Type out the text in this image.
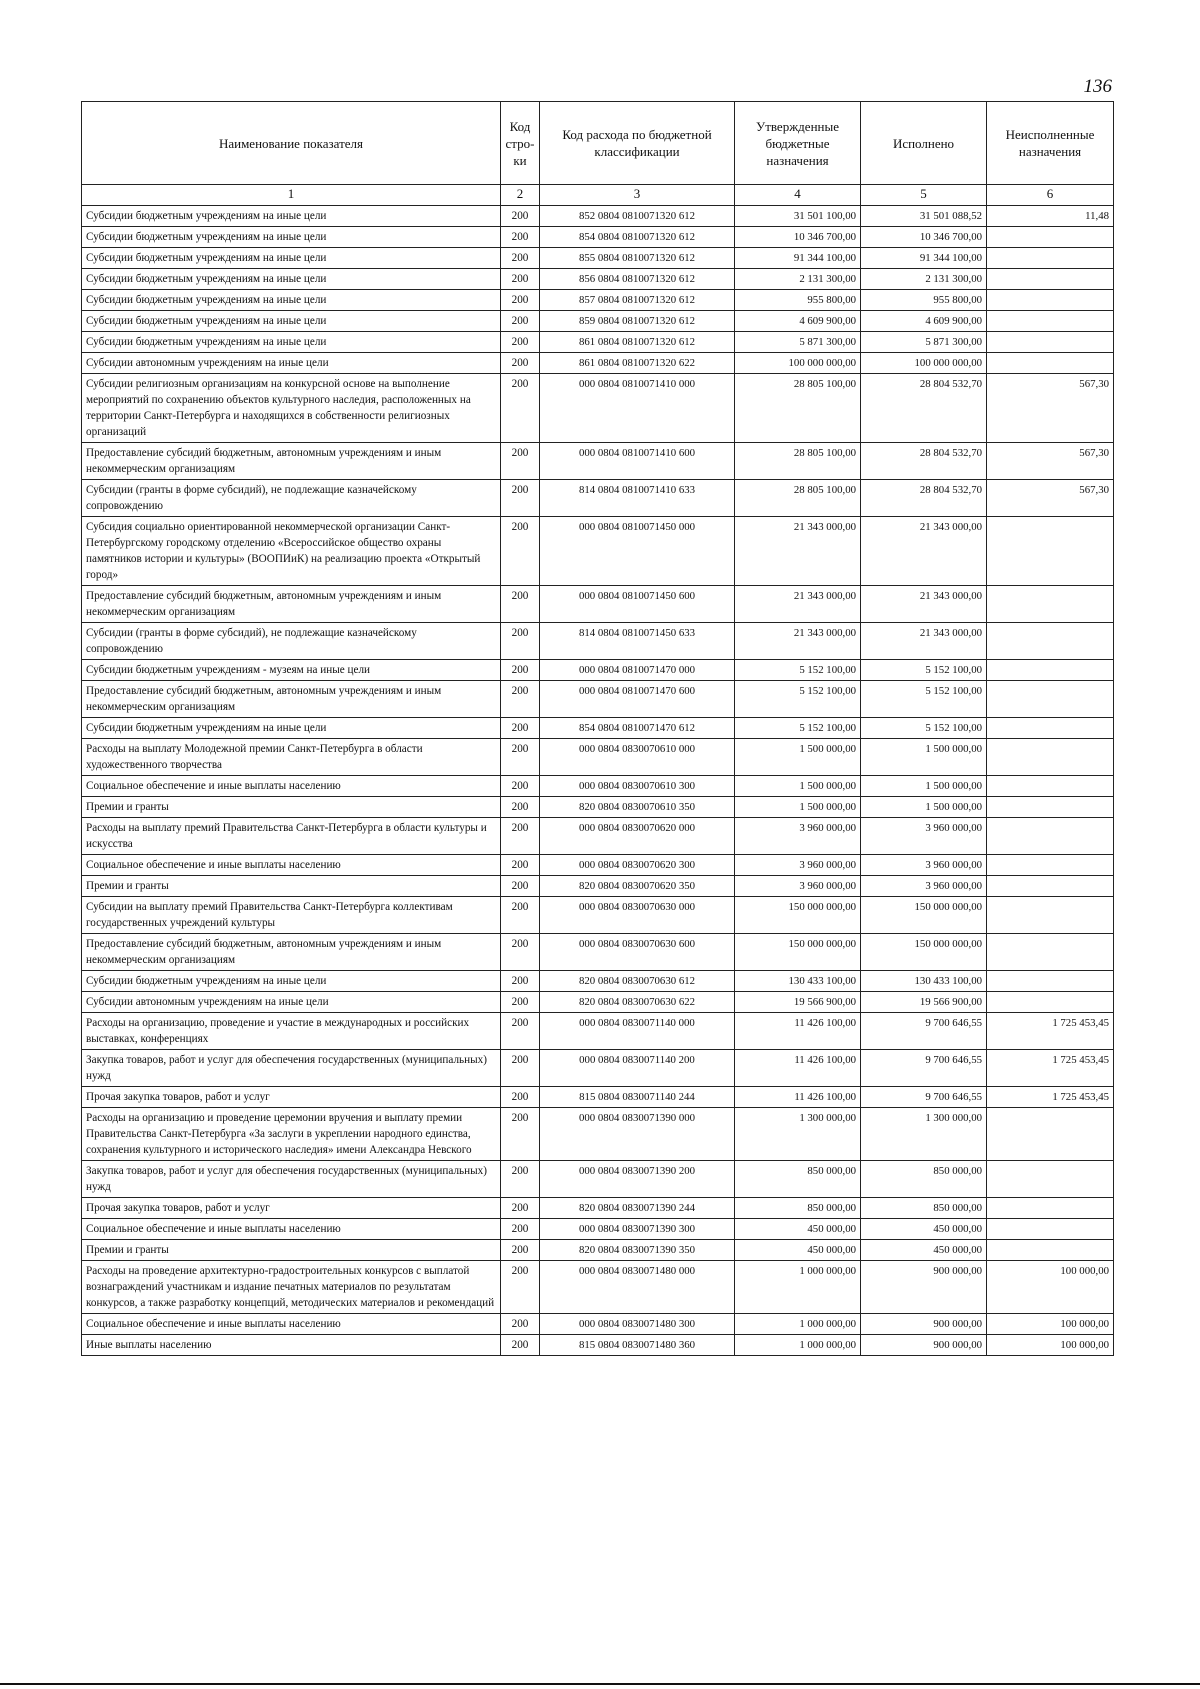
136
Наименование показателя	Код стро-ки	Код расхода по бюджетной классификации	Утвержденные бюджетные назначения	Исполнено	Неисполненные назначения
1	2	3	4	5	6
Субсидии бюджетным учреждениям на иные цели	200	852 0804 0810071320 612	31 501 100,00	31 501 088,52	11,48
Субсидии бюджетным учреждениям на иные цели	200	854 0804 0810071320 612	10 346 700,00	10 346 700,00	
Субсидии бюджетным учреждениям на иные цели	200	855 0804 0810071320 612	91 344 100,00	91 344 100,00	
Субсидии бюджетным учреждениям на иные цели	200	856 0804 0810071320 612	2 131 300,00	2 131 300,00	
Субсидии бюджетным учреждениям на иные цели	200	857 0804 0810071320 612	955 800,00	955 800,00	
Субсидии бюджетным учреждениям на иные цели	200	859 0804 0810071320 612	4 609 900,00	4 609 900,00	
Субсидии бюджетным учреждениям на иные цели	200	861 0804 0810071320 612	5 871 300,00	5 871 300,00	
Субсидии автономным учреждениям на иные цели	200	861 0804 0810071320 622	100 000 000,00	100 000 000,00	
Субсидии религиозным организациям на конкурсной основе на выполнение мероприятий по сохранению объектов культурного наследия, расположенных на территории Санкт-Петербурга и находящихся в собственности религиозных организаций	200	000 0804 0810071410 000	28 805 100,00	28 804 532,70	567,30
Предоставление субсидий бюджетным, автономным учреждениям и иным некоммерческим организациям	200	000 0804 0810071410 600	28 805 100,00	28 804 532,70	567,30
Субсидии (гранты в форме субсидий), не подлежащие казначейскому сопровождению	200	814 0804 0810071410 633	28 805 100,00	28 804 532,70	567,30
Субсидия социально ориентированной некоммерческой организации Санкт-Петербургскому городскому отделению «Всероссийское общество охраны памятников истории и культуры» (ВООПИиК) на реализацию проекта «Открытый город»	200	000 0804 0810071450 000	21 343 000,00	21 343 000,00	
Предоставление субсидий бюджетным, автономным учреждениям и иным некоммерческим организациям	200	000 0804 0810071450 600	21 343 000,00	21 343 000,00	
Субсидии (гранты в форме субсидий), не подлежащие казначейскому сопровождению	200	814 0804 0810071450 633	21 343 000,00	21 343 000,00	
Субсидии бюджетным учреждениям - музеям на иные цели	200	000 0804 0810071470 000	5 152 100,00	5 152 100,00	
Предоставление субсидий бюджетным, автономным учреждениям и иным некоммерческим организациям	200	000 0804 0810071470 600	5 152 100,00	5 152 100,00	
Субсидии бюджетным учреждениям на иные цели	200	854 0804 0810071470 612	5 152 100,00	5 152 100,00	
Расходы на выплату Молодежной премии Санкт-Петербурга в области художественного творчества	200	000 0804 0830070610 000	1 500 000,00	1 500 000,00	
Социальное обеспечение и иные выплаты населению	200	000 0804 0830070610 300	1 500 000,00	1 500 000,00	
Премии и гранты	200	820 0804 0830070610 350	1 500 000,00	1 500 000,00	
Расходы на выплату премий Правительства Санкт-Петербурга в области культуры и искусства	200	000 0804 0830070620 000	3 960 000,00	3 960 000,00	
Социальное обеспечение и иные выплаты населению	200	000 0804 0830070620 300	3 960 000,00	3 960 000,00	
Премии и гранты	200	820 0804 0830070620 350	3 960 000,00	3 960 000,00	
Субсидии на выплату премий Правительства Санкт-Петербурга коллективам государственных учреждений культуры	200	000 0804 0830070630 000	150 000 000,00	150 000 000,00	
Предоставление субсидий бюджетным, автономным учреждениям и иным некоммерческим организациям	200	000 0804 0830070630 600	150 000 000,00	150 000 000,00	
Субсидии бюджетным учреждениям на иные цели	200	820 0804 0830070630 612	130 433 100,00	130 433 100,00	
Субсидии автономным учреждениям на иные цели	200	820 0804 0830070630 622	19 566 900,00	19 566 900,00	
Расходы на организацию, проведение и участие в международных и российских выставках, конференциях	200	000 0804 0830071140 000	11 426 100,00	9 700 646,55	1 725 453,45
Закупка товаров, работ и услуг для обеспечения государственных (муниципальных) нужд	200	000 0804 0830071140 200	11 426 100,00	9 700 646,55	1 725 453,45
Прочая закупка товаров, работ и услуг	200	815 0804 0830071140 244	11 426 100,00	9 700 646,55	1 725 453,45
Расходы на организацию и проведение церемонии вручения и выплату премии Правительства Санкт-Петербурга «За заслуги в укреплении народного единства, сохранения культурного и исторического наследия» имени Александра Невского	200	000 0804 0830071390 000	1 300 000,00	1 300 000,00	
Закупка товаров, работ и услуг для обеспечения государственных (муниципальных) нужд	200	000 0804 0830071390 200	850 000,00	850 000,00	
Прочая закупка товаров, работ и услуг	200	820 0804 0830071390 244	850 000,00	850 000,00	
Социальное обеспечение и иные выплаты населению	200	000 0804 0830071390 300	450 000,00	450 000,00	
Премии и гранты	200	820 0804 0830071390 350	450 000,00	450 000,00	
Расходы на проведение архитектурно-градостроительных конкурсов с выплатой вознаграждений участникам и издание печатных материалов по результатам конкурсов, а также разработку концепций, методических материалов и рекомендаций	200	000 0804 0830071480 000	1 000 000,00	900 000,00	100 000,00
Социальное обеспечение и иные выплаты населению	200	000 0804 0830071480 300	1 000 000,00	900 000,00	100 000,00
Иные выплаты населению	200	815 0804 0830071480 360	1 000 000,00	900 000,00	100 000,00
